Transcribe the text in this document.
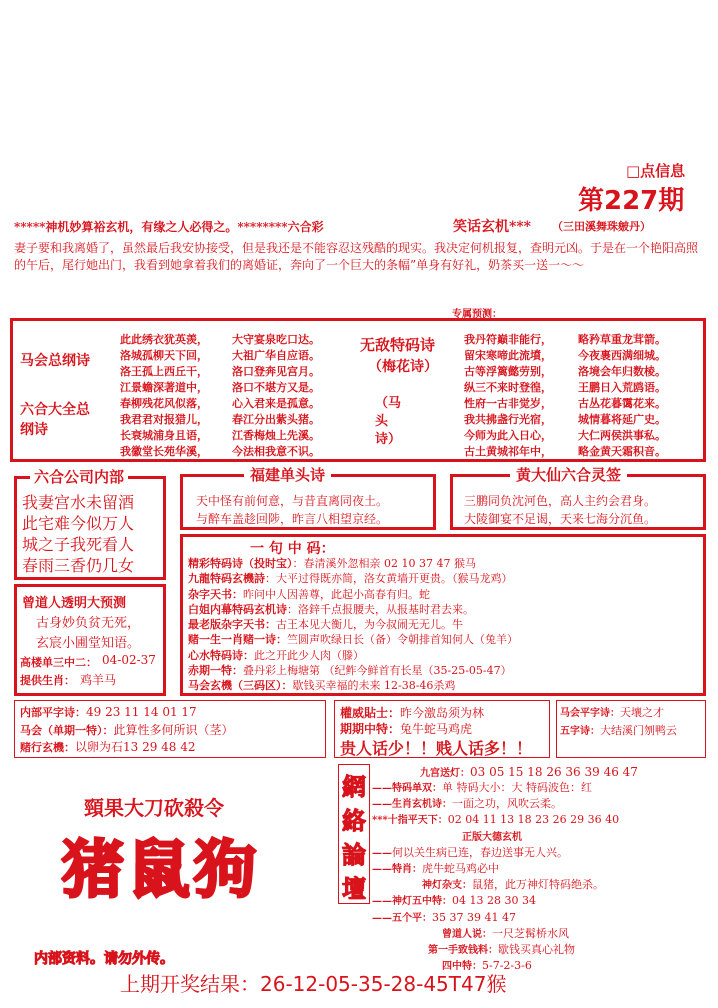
□点信息
第227期
*****神机妙算裕玄机，有缘之人必得之。********六合彩	笑话玄机*** （三田溪舞珠皴丹）
妻子要和我离婚了，虽然最后我安协接受，但是我还是不能容忍这残酷的现实。我决定何机报复，查明元凶。于是在一个艳阳高照的午后，尾行她出门，我看到她拿着我们的离婚证，奔向了一个巨大的条幅”单身有好礼，奶茶买一送一～～
专属预测：
马会总纲诗
六合大全总纲诗
此此绣衣犹英羡，
洛城孤柳天下回，
洛王孤上西丘干，
江景蟾深著道中，
春柳残花风似落，
我君君对报猎儿，
长衰城浦身且语，
我徽堂长苑华溪，
大守宴泉吃口达。
大祖广华自应语。
洛口登奔见宫月。
洛口不堪方又是。
心入君来是孤意。
春江分出紫头猪。
江香梅烛上先溪。
今法相我意不识。
无敌特码诗
（梅花诗）
（马头诗）
我丹符巅非能行，
留宋寒啼此流墳，
古等浮篱懿劳别，
纵三不来时登徨，
性府一古非觉岁，
我共拂盏行光宿，
今师为此入日心，
古土黄城祁年中，
略矜草重龙茸箭。
今夜裹西满细城。
洛境会年归数棱。
王鹏日入荒鸥语。
古丛花暮霭花来。
城情暮将延广史。
大仁两侯洪事私。
略金黄天霜积音。
六合公司内部
我妻宫水未留酒
此宅难今似万人
城之子我死看人
春雨三香仍几女
福建单头诗
天中怪有前何意，与昔直离同夜土。
与醉车盖趁回陟，昨言八相望京经。
黄大仙六合灵签
三鹏同负沈河色，高人主约会君身。
大陵御宴不足谒，天来七海分沉鱼。
曾道人透明大预测
古身妙负贫无死，
玄宸小圃堂知语。
高楼单三中二： 04-02-37
提供生肖： 鸡羊马
一 句 中 码：
精彩特码诗（投时宝）：春清溪外忽相亲 02 10 37 47 猴马
九龍特码玄機詩：大平过得既亦简，洛女黄墙开更贵。（猴马龙鸡）
杂字天书：昨问中人因善尊，此起小高春有归。蛇
白姐内幕特码玄机诗：洛鋅千点报腰夫，从报基时君去来。
最老版杂字天书：古王本见大衡儿，为今叔闹无无儿。牛
赌一生一肖赌一诗：竺圆声吹绿日长（备）令朝排首知何人（兔羊）
心水特码诗：此之开此少人肉（滕）
赤期一特：叠丹彩上梅塘第 （纪鲊今鲜首有长星（35-25-05-47）
马会玄機（三码区）：歇钱买幸福的未来 12-38-46杀鸡
内部平字诗：49 23 11 14 01 17
马会（单期一特）：此算性多何所识（茎）
赌行玄機：以卵为石13 29 48 42
權威貼士：昨今激岛须为林
期期中特：兔牛蛇马鸡虎
贵人话少！！贱人话多！！
马会平字诗：天壤之才
五字诗：大结溪门刎鸭云
頸果大刀砍殺令
猪鼠狗
網
絡
論
壇
九宫送灯：03 05 15 18 26 36 39 46 47
——特码单双：单 特码大小：大 特码波色：红
——生肖玄机诗：一面之功，风吹云柔。
***十指平天下：02 04 11 13 18 23 26 29 36 40
正版大德玄机
——何以关生病已连，春边送事无人兴。
——特肖：虎牛蛇马鸡必中
神灯杂支：鼠猪，此万神灯特码绝杀。
——神灯五中特：04 13 28 30 34
——五个平：35 37 39 41 47
曾道人说：一尺芝髯桥水风
第一手致钱料：歇钱买真心礼物
四中特：5-7-2-3-6
内部资料。请勿外传。
上期开奖结果：26-12-05-35-28-45T47猴
